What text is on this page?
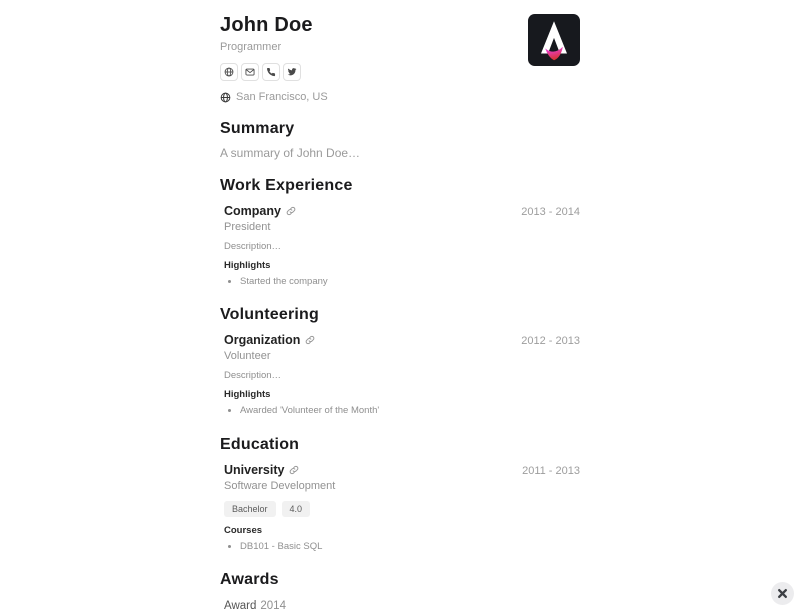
John Doe
Programmer
San Francisco, US
Summary
A summary of John Doe…
Work Experience
Company	2013 - 2014
President
Description…
Highlights
• Started the company
Volunteering
Organization	2012 - 2013
Volunteer
Description…
Highlights
• Awarded 'Volunteer of the Month'
Education
University	2011 - 2013
Software Development
Bachelor	4.0
Courses
• DB101 - Basic SQL
Awards
Award 2014
